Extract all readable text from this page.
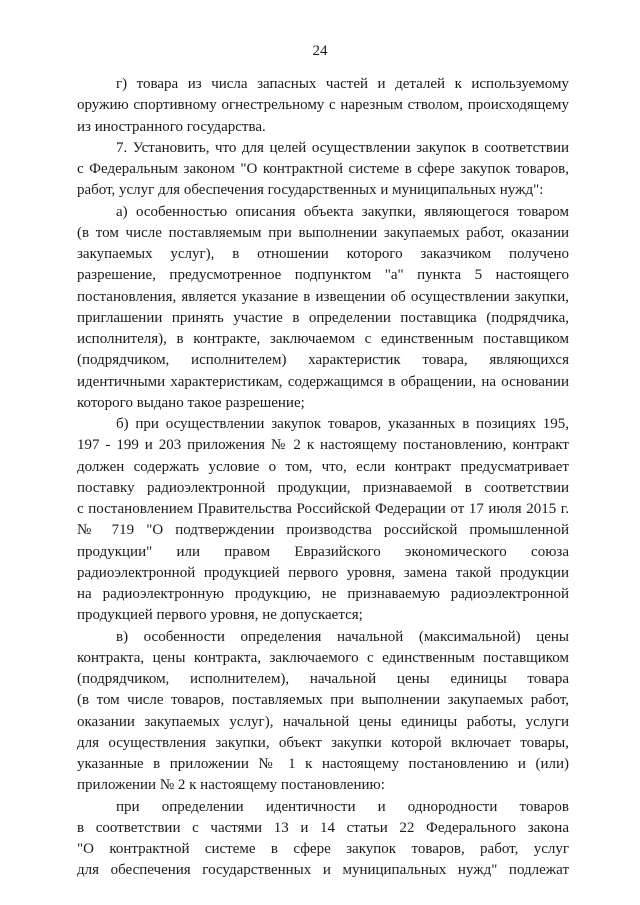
24
г) товара из числа запасных частей и деталей к используемому
оружию спортивному огнестрельному с нарезным стволом, происходящему
из иностранного государства.
7. Установить, что для целей осуществлении закупок в соответствии
с Федеральным законом "О контрактной системе в сфере закупок товаров,
работ, услуг для обеспечения государственных и муниципальных нужд":
а) особенностью описания объекта закупки, являющегося товаром
(в том числе поставляемым при выполнении закупаемых работ, оказании
закупаемых услуг), в отношении которого заказчиком получено
разрешение, предусмотренное подпунктом "а" пункта 5 настоящего
постановления, является указание в извещении об осуществлении закупки,
приглашении принять участие в определении поставщика (подрядчика,
исполнителя), в контракте, заключаемом с единственным поставщиком
(подрядчиком, исполнителем) характеристик товара, являющихся
идентичными характеристикам, содержащимся в обращении, на основании
которого выдано такое разрешение;
б) при осуществлении закупок товаров, указанных в позициях 195,
197 - 199 и 203 приложения № 2 к настоящему постановлению, контракт
должен содержать условие о том, что, если контракт предусматривает
поставку радиоэлектронной продукции, признаваемой в соответствии
с постановлением Правительства Российской Федерации от 17 июля 2015 г.
№ 719 "О подтверждении производства российской промышленной
продукции" или правом Евразийского экономического союза
радиоэлектронной продукцией первого уровня, замена такой продукции
на радиоэлектронную продукцию, не признаваемую радиоэлектронной
продукцией первого уровня, не допускается;
в) особенности определения начальной (максимальной) цены
контракта, цены контракта, заключаемого с единственным поставщиком
(подрядчиком, исполнителем), начальной цены единицы товара
(в том числе товаров, поставляемых при выполнении закупаемых работ,
оказании закупаемых услуг), начальной цены единицы работы, услуги
для осуществления закупки, объект закупки которой включает товары,
указанные в приложении № 1 к настоящему постановлению и (или)
приложении № 2 к настоящему постановлению:
при определении идентичности и однородности товаров
в соответствии с частями 13 и 14 статьи 22 Федерального закона
"О контрактной системе в сфере закупок товаров, работ, услуг
для обеспечения государственных и муниципальных нужд" подлежат
